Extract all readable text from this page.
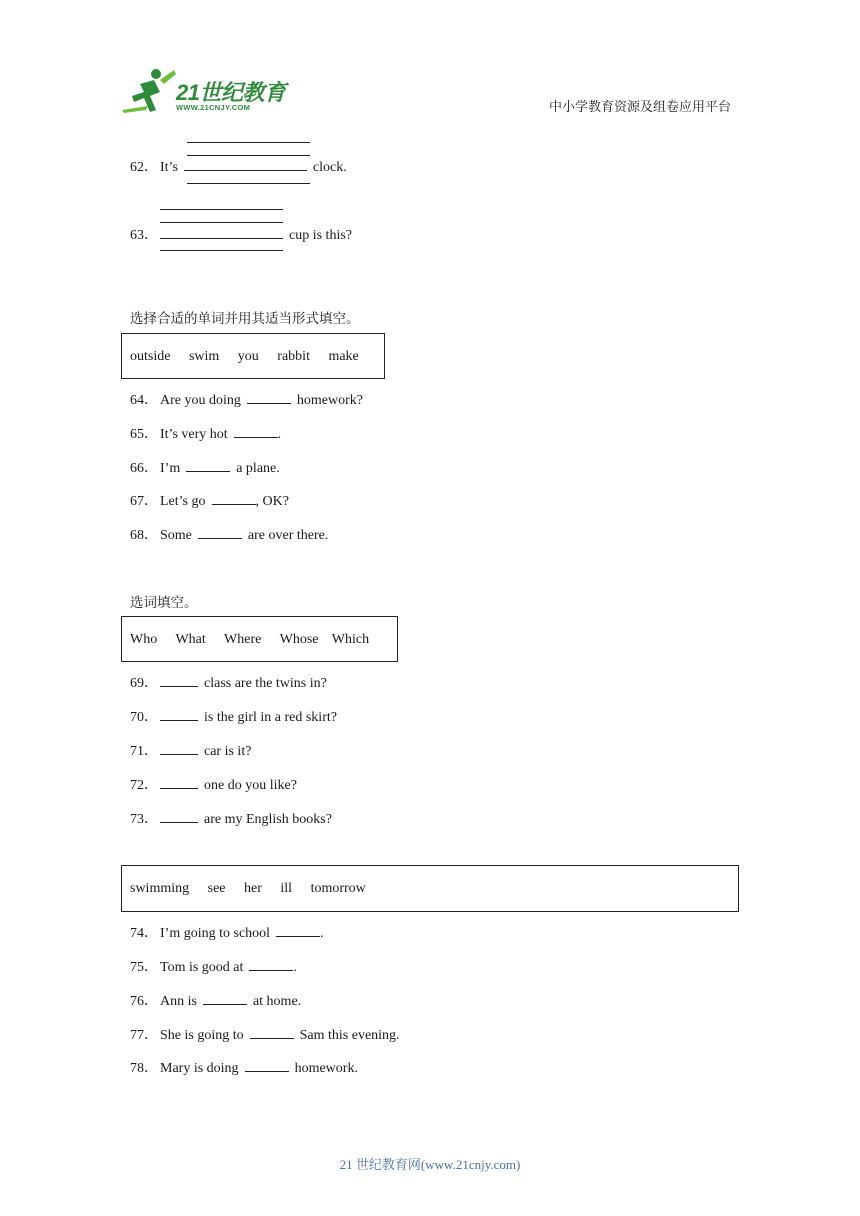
21世纪教育
WWW.21CNJY.COM	中小学教育资源及组卷应用平台
62． It’s	clock.
63．	cup is this?
选择合适的单词并用其适当形式填空。
outside swim you rabbit make
64． Are you doing	homework?
65． It’s very hot	.
66． I’m	a plane.
67． Let’s go	, OK?
68． Some	are over there.
选词填空。
Who What Where Whose Which
69．	class are the twins in?
70．	is the girl in a red skirt?
71．	car is it?
72．	one do you like?
73．	are my English books?
swimming see her ill tomorrow
74． I’m going to school	.
75． Tom is good at	.
76． Ann is	at home.
77． She is going to	Sam this evening.
78． Mary is doing	homework.
21 世纪教育网(www.21cnjy.com)
